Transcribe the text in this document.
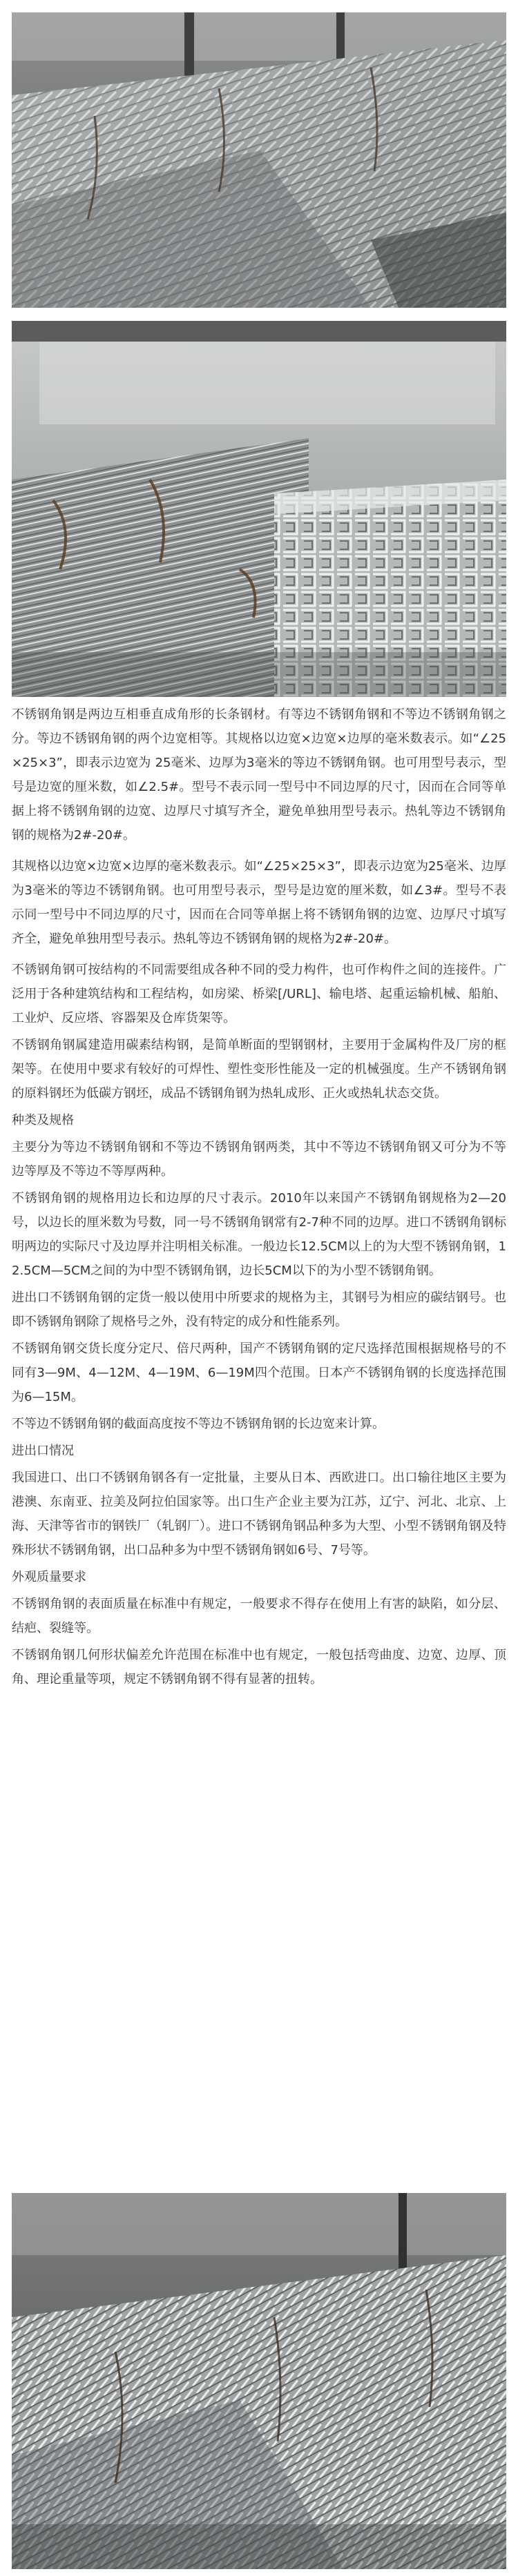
不锈钢角钢是两边互相垂直成角形的长条钢材。有等边不锈钢角钢和不等边不锈钢角钢之分。等边不锈钢角钢的两个边宽相等。其规格以边宽×边宽×边厚的毫米数表示。如“∠25×25×3”，即表示边宽为 25毫米、边厚为3毫米的等边不锈钢角钢。也可用型号表示，型号是边宽的厘米数，如∠2.5#。型号不表示同一型号中不同边厚的尺寸，因而在合同等单据上将不锈钢角钢的边宽、边厚尺寸填写齐全，避免单独用型号表示。热轧等边不锈钢角钢的规格为2#-20#。

其规格以边宽×边宽×边厚的毫米数表示。如“∠25×25×3”，即表示边宽为25毫米、边厚为3毫米的等边不锈钢角钢。也可用型号表示，型号是边宽的厘米数，如∠3#。型号不表示同一型号中不同边厚的尺寸，因而在合同等单据上将不锈钢角钢的边宽、边厚尺寸填写齐全，避免单独用型号表示。热轧等边不锈钢角钢的规格为2#-20#。

不锈钢角钢可按结构的不同需要组成各种不同的受力构件，也可作构件之间的连接件。广泛用于各种建筑结构和工程结构，如房梁、桥梁[/URL]、输电塔、起重运输机械、船舶、工业炉、反应塔、容器架及仓库货架等。

不锈钢角钢属建造用碳素结构钢，是简单断面的型钢钢材，主要用于金属构件及厂房的框架等。在使用中要求有较好的可焊性、塑性变形性能及一定的机械强度。生产不锈钢角钢的原料钢坯为低碳方钢坯，成品不锈钢角钢为热轧成形、正火或热轧状态交货。

种类及规格

主要分为等边不锈钢角钢和不等边不锈钢角钢两类，其中不等边不锈钢角钢又可分为不等边等厚及不等边不等厚两种。

不锈钢角钢的规格用边长和边厚的尺寸表示。2010年以来国产不锈钢角钢规格为2—20号，以边长的厘米数为号数，同一号不锈钢角钢常有2-7种不同的边厚。进口不锈钢角钢标明两边的实际尺寸及边厚并注明相关标准。一般边长12.5CM以上的为大型不锈钢角钢，12.5CM—5CM之间的为中型不锈钢角钢，边长5CM以下的为小型不锈钢角钢。

进出口不锈钢角钢的定货一般以使用中所要求的规格为主，其钢号为相应的碳结钢号。也即不锈钢角钢除了规格号之外，没有特定的成分和性能系列。

不锈钢角钢交货长度分定尺、倍尺两种，国产不锈钢角钢的定尺选择范围根据规格号的不同有3—9M、4—12M、4—19M、6—19M四个范围。日本产不锈钢角钢的长度选择范围为6—15M。

不等边不锈钢角钢的截面高度按不等边不锈钢角钢的长边宽来计算。

进出口情况

我国进口、出口不锈钢角钢各有一定批量，主要从日本、西欧进口。出口输往地区主要为港澳、东南亚、拉美及阿拉伯国家等。出口生产企业主要为江苏，辽宁、河北、北京、上海、天津等省市的钢铁厂（轧钢厂）。进口不锈钢角钢品种多为大型、小型不锈钢角钢及特殊形状不锈钢角钢，出口品种多为中型不锈钢角钢如6号、7号等。

外观质量要求

不锈钢角钢的表面质量在标准中有规定，一般要求不得存在使用上有害的缺陷，如分层、结疤、裂缝等。

不锈钢角钢几何形状偏差允许范围在标准中也有规定，一般包括弯曲度、边宽、边厚、顶角、理论重量等项，规定不锈钢角钢不得有显著的扭转。
